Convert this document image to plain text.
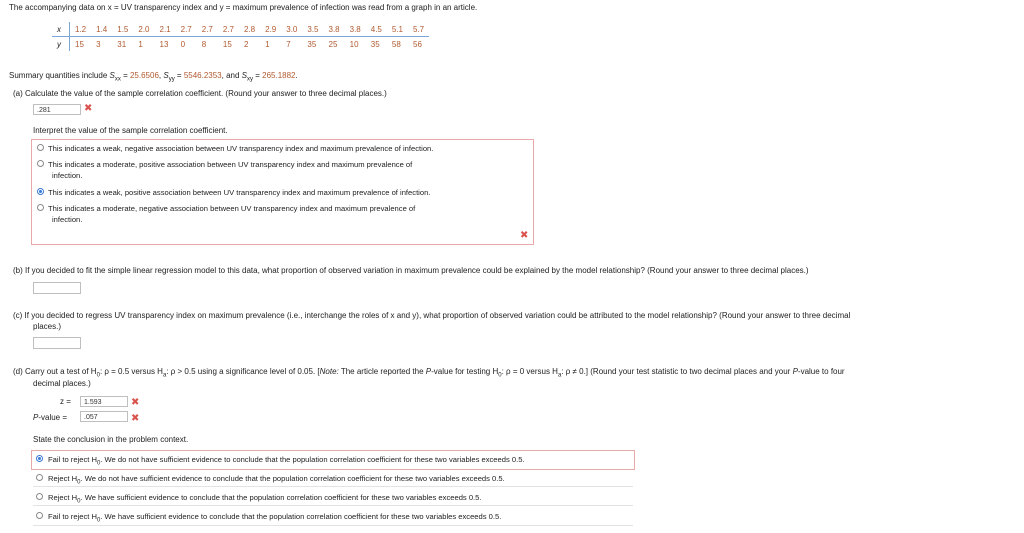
The accompanying data on x = UV transparency index and y = maximum prevalence of infection was read from a graph in an article.
x	1.2	1.4	1.5	2.0	2.1	2.7	2.7	2.7	2.8	2.9	3.0	3.5	3.8	3.8	4.5	5.1	5.7
y	15	3	31	1	13	0	8	15	2	1	7	35	25	10	35	58	56
Summary quantities include $S_{xx} = 25.6506$, $S_{yy} = 5546.2353$, and $S_{xy} = 265.1882$.
(a) Calculate the value of the sample correlation coefficient. (Round your answer to three decimal places.)
.281	✖
Interpret the value of the sample correlation coefficient.
This indicates a weak, negative association between UV transparency index and maximum prevalence of infection.
This indicates a moderate, positive association between UV transparency index and maximum prevalence of
infection.
This indicates a weak, positive association between UV transparency index and maximum prevalence of infection.
This indicates a moderate, negative association between UV transparency index and maximum prevalence of
infection.
✖
(b) If you decided to fit the simple linear regression model to this data, what proportion of observed variation in maximum prevalence could be explained by the model relationship? (Round your answer to three decimal places.)
(c) If you decided to regress UV transparency index on maximum prevalence (i.e., interchange the roles of x and y), what proportion of observed variation could be attributed to the model relationship? (Round your answer to three decimal
places.)
(d) Carry out a test of $H_0$: ρ = 0.5 versus $H_a$: ρ > 0.5 using a significance level of 0.05. [Note: The article reported the P-value for testing $H_0$: ρ = 0 versus $H_a$: ρ ≠ 0.] (Round your test statistic to two decimal places and your P-value to four
decimal places.)
z =	1.593	✖
P-value =	.057	✖
State the conclusion in the problem context.
Fail to reject $H_0$. We do not have sufficient evidence to conclude that the population correlation coefficient for these two variables exceeds 0.5.
Reject $H_0$. We do not have sufficient evidence to conclude that the population correlation coefficient for these two variables exceeds 0.5.
Reject $H_0$. We have sufficient evidence to conclude that the population correlation coefficient for these two variables exceeds 0.5.
Fail to reject $H_0$. We have sufficient evidence to conclude that the population correlation coefficient for these two variables exceeds 0.5.
